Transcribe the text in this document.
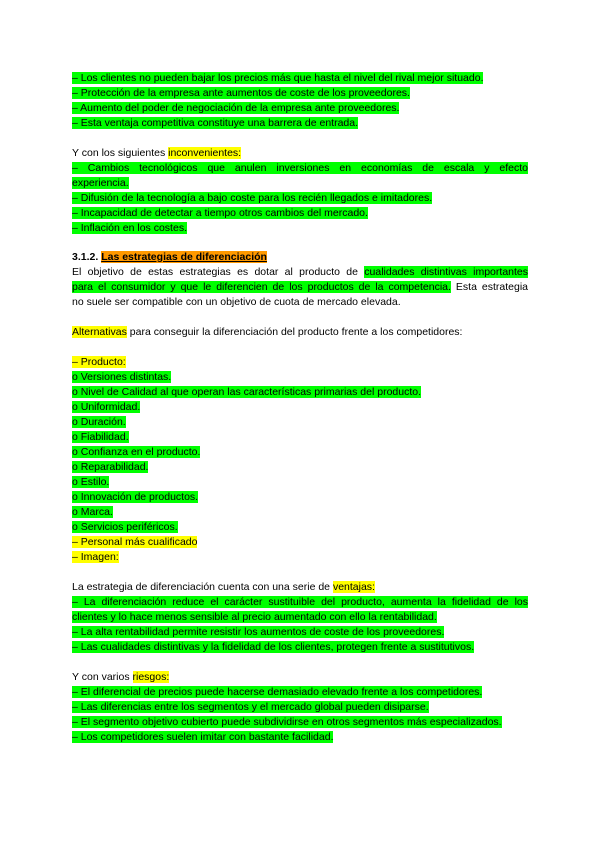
– Los clientes no pueden bajar los precios más que hasta el nivel del rival mejor situado.
– Protección de la empresa ante aumentos de coste de los proveedores.
– Aumento del poder de negociación de la empresa ante proveedores.
– Esta ventaja competitiva constituye una barrera de entrada.
Y con los siguientes inconvenientes:
– Cambios tecnológicos que anulen inversiones en economías de escala y efecto
experiencia.
– Difusión de la tecnología a bajo coste para los recién llegados e imitadores.
– Incapacidad de detectar a tiempo otros cambios del mercado.
– Inflación en los costes.
3.1.2. Las estrategias de diferenciación
El objetivo de estas estrategias es dotar al producto de cualidades distintivas importantes
para el consumidor y que le diferencien de los productos de la competencia. Esta estrategia
no suele ser compatible con un objetivo de cuota de mercado elevada.
Alternativas para conseguir la diferenciación del producto frente a los competidores:
– Producto:
o Versiones distintas.
o Nivel de Calidad al que operan las características primarias del producto.
o Uniformidad.
o Duración.
o Fiabilidad.
o Confianza en el producto.
o Reparabilidad.
o Estilo.
o Innovación de productos.
o Marca.
o Servicios periféricos.
– Personal más cualificado
– Imagen:
La estrategia de diferenciación cuenta con una serie de ventajas:
– La diferenciación reduce el carácter sustituible del producto, aumenta la fidelidad de los
clientes y lo hace menos sensible al precio aumentado con ello la rentabilidad.
– La alta rentabilidad permite resistir los aumentos de coste de los proveedores.
– Las cualidades distintivas y la fidelidad de los clientes, protegen frente a sustitutivos.
Y con varios riesgos:
– El diferencial de precios puede hacerse demasiado elevado frente a los competidores.
– Las diferencias entre los segmentos y el mercado global pueden disiparse.
– El segmento objetivo cubierto puede subdividirse en otros segmentos más especializados.
– Los competidores suelen imitar con bastante facilidad.
